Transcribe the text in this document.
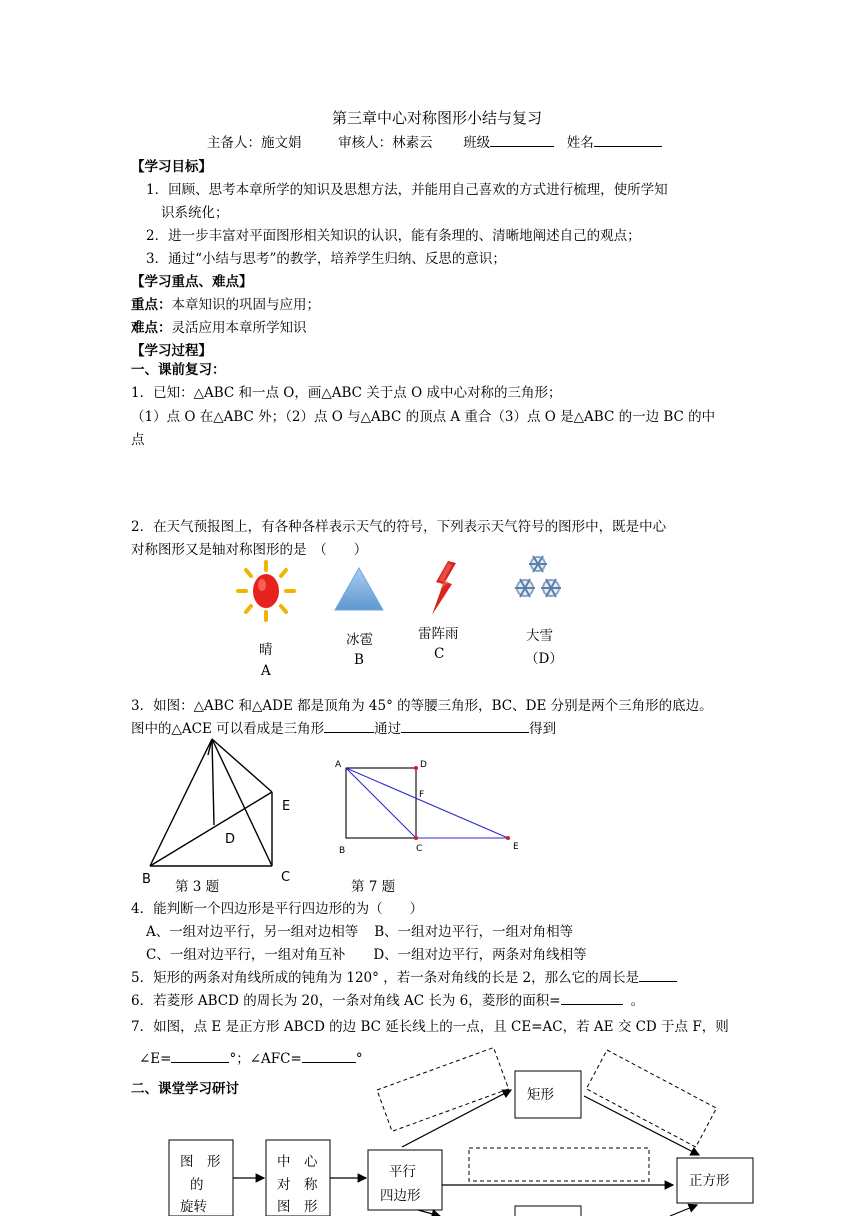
第三章中心对称图形小结与复习
主备人：施文娟	审核人：林素云 班级	姓名
【学习目标】
1．回顾、思考本章所学的知识及思想方法，并能用自己喜欢的方式进行梳理，使所学知
识系统化；
2．进一步丰富对平面图形相关知识的认识，能有条理的、清晰地阐述自己的观点；
3．通过“小结与思考”的教学，培养学生归纳、反思的意识；
【学习重点、难点】
重点：本章知识的巩固与应用；
难点：灵活应用本章所学知识
【学习过程】
一、课前复习：
1．已知：△ABC 和一点 O，画△ABC 关于点 O 成中心对称的三角形；
（1）点 O 在△ABC 外；（2）点 O 与△ABC 的顶点 A 重合（3）点 O 是△ABC 的一边 BC 的中
点
2．在天气预报图上，有各种各样表示天气的符号，下列表示天气符号的图形中，既是中心
对称图形又是轴对称图形的是　（　　）
晴
A
冰雹
B
雷阵雨
C
大雪
（D）
3．如图：△ABC 和△ADE 都是顶角为 45° 的等腰三角形，BC、DE 分别是两个三角形的底边。
图中的△ACE 可以看成是三角形	通过	得到
B	C
D
E
第 3 题
A	D
F
B	C	E
第 7 题
4．能判断一个四边形是平行四边形的为（　　）
A、一组对边平行，另一组对边相等 B、一组对边平行，一组对角相等
C、一组对边平行，一组对角互补 D、一组对边平行，两条对角线相等
5．矩形的两条对角线所成的钝角为 120° ，若一条对角线的长是 2，那么它的周长是
6．若菱形 ABCD 的周长为 20，一条对角线 AC 长为 6，菱形的面积=	。
7．如图，点 E 是正方形 ABCD 的边 BC 延长线上的一点，且 CE=AC，若 AE 交 CD 于点 F，则
∠E=	°；∠AFC=	°
二、课堂学习研讨
图　形
的
旋转
中　心
对　称
图　形
平行
四边形
矩形
正方形
